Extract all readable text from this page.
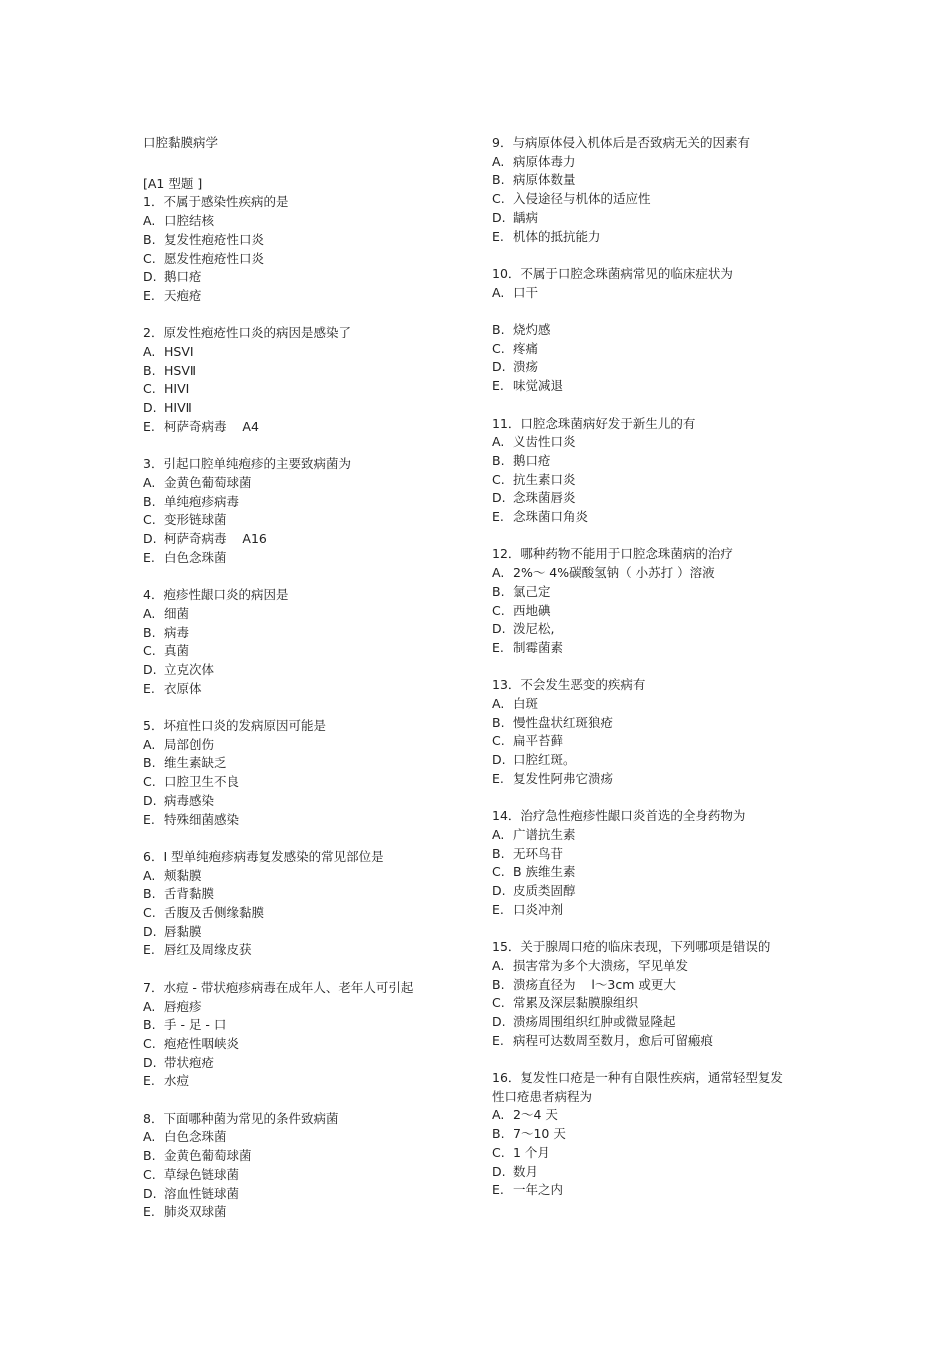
口腔黏膜病学
[A1 型题 ]
1．不属于感染性疾病的是
A. 口腔结核
B. 复发性疱疮性口炎
C. 愿发性疱疮性口炎
D. 鹅口疮
E. 天疱疮
2．原发性疱疮性口炎的病因是感染了
A. HSVⅠ
B. HSVⅡ
C. HIVⅠ
D. HIVⅡ
E. 柯萨奇病毒    A4
3．引起口腔单纯疱疹的主要致病菌为
A. 金黄色葡萄球菌
B. 单纯疱疹病毒
C. 变形链球菌
D. 柯萨奇病毒    A16
E. 白色念珠菌
4．疱疹性龈口炎的病因是
A. 细菌
B. 病毒
C. 真菌
D. 立克次体
E. 衣原体
5．坏疽性口炎的发病原因可能是
A. 局部创伤
B. 维生素缺乏
C. 口腔卫生不良
D. 病毒感染
E. 特殊细菌感染
6．Ⅰ 型单纯疱疹病毒复发感染的常见部位是
A. 颊黏膜
B. 舌背黏膜
C. 舌腹及舌侧缘黏膜
D. 唇黏膜
E. 唇红及周缘皮获
7．水痘 - 带状疱疹病毒在成年人、老年人可引起
A. 唇疱疹
B. 手 - 足 - 口
C. 疱疮性咽峡炎
D. 带状疱疮
E. 水痘
8．下面哪种菌为常见的条件致病菌
A. 白色念珠菌
B. 金黄色葡萄球菌
C. 草绿色链球菌
D. 溶血性链球菌
E. 肺炎双球菌
9．与病原体侵入机体后是否致病无关的因素有
A. 病原体毒力
B. 病原体数量
C. 入侵途径与机体的适应性
D. 龋病
E. 机体的抵抗能力
10．不属于口腔念珠菌病常见的临床症状为
A. 口干

B. 烧灼感
C. 疼痛
D. 溃疡
E. 味觉减退
11．口腔念珠菌病好发于新生儿的有
A. 义齿性口炎
B. 鹅口疮
C. 抗生素口炎
D. 念珠菌唇炎
E. 念珠菌口角炎
12．哪种药物不能用于口腔念珠菌病的治疗
A. 2%～ 4%碳酸氢钠（ 小苏打 ）溶液
B. 氯己定
C. 西地碘
D. 泼尼松,
E. 制霉菌素
13．不会发生恶变的疾病有
A. 白斑
B. 慢性盘状红斑狼疮
C. 扁平苔藓
D. 口腔红斑。
E. 复发性阿弗它溃疡
14．治疗急性疱疹性龈口炎首选的全身药物为
A. 广谱抗生素
B. 无环鸟苷
C. B 族维生素
D. 皮质类固醇
E. 口炎冲剂
15．关于腺周口疮的临床表现，下列哪项是错误的
A. 损害常为多个大溃疡，罕见单发
B. 溃疡直径为    l～3cm 或更大
C. 常累及深层黏膜腺组织
D. 溃疡周围组织红肿或微显隆起
E. 病程可达数周至数月，愈后可留瘢痕
16．复发性口疮是一种有自限性疾病，通常轻型复发性口疮患者病程为
A. 2～4 天
B. 7～10 天
C. 1 个月
D. 数月
E. 一年之内
